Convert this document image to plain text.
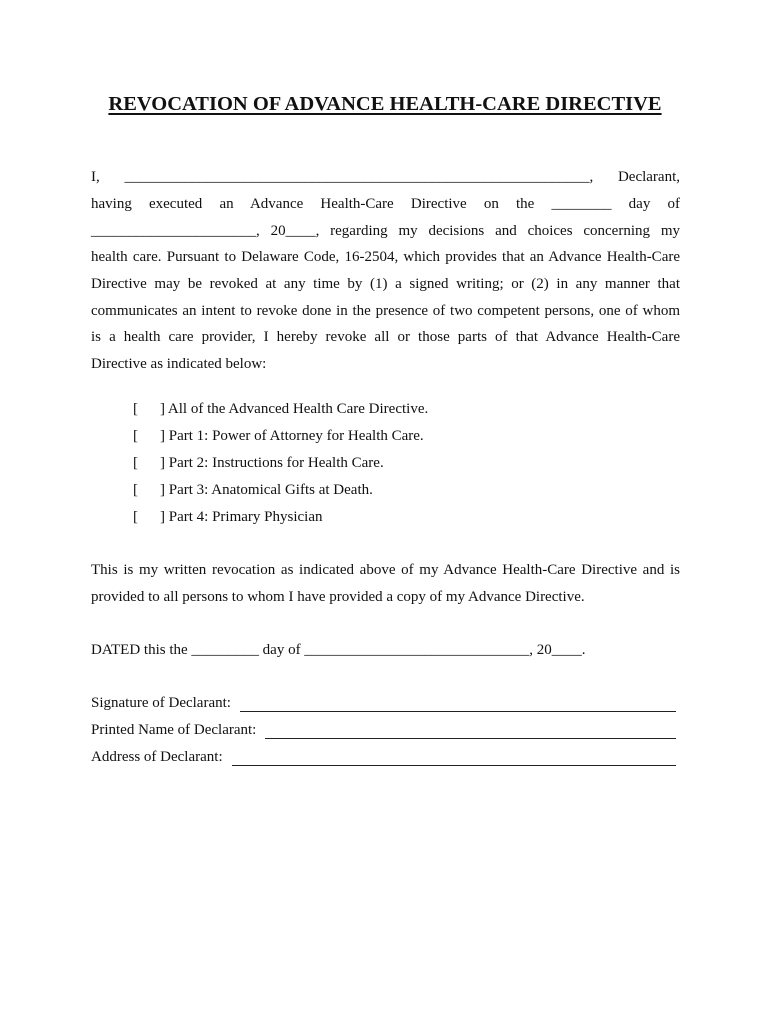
REVOCATION OF ADVANCE HEALTH-CARE DIRECTIVE
I, ______________________________________________________________, Declarant,
having executed an Advance Health-Care Directive on the ________ day of
______________________, 20____, regarding my decisions and choices concerning my
health care. Pursuant to Delaware Code, 16-2504, which provides that an Advance Health-Care
Directive may be revoked at any time by (1) a signed writing; or (2) in any manner that
communicates an intent to revoke done in the presence of two competent persons, one of whom
is a health care provider, I hereby revoke all or those parts of that Advance Health-Care
Directive as indicated below:
[ ] All of the Advanced Health Care Directive.
[ ] Part 1: Power of Attorney for Health Care.
[ ] Part 2: Instructions for Health Care.
[ ] Part 3: Anatomical Gifts at Death.
[ ] Part 4: Primary Physician
This is my written revocation as indicated above of my Advance Health-Care Directive and is
provided to all persons to whom I have provided a copy of my Advance Directive.
DATED this the _________ day of ______________________________, 20____.
Signature of Declarant:
Printed Name of Declarant:
Address of Declarant:
